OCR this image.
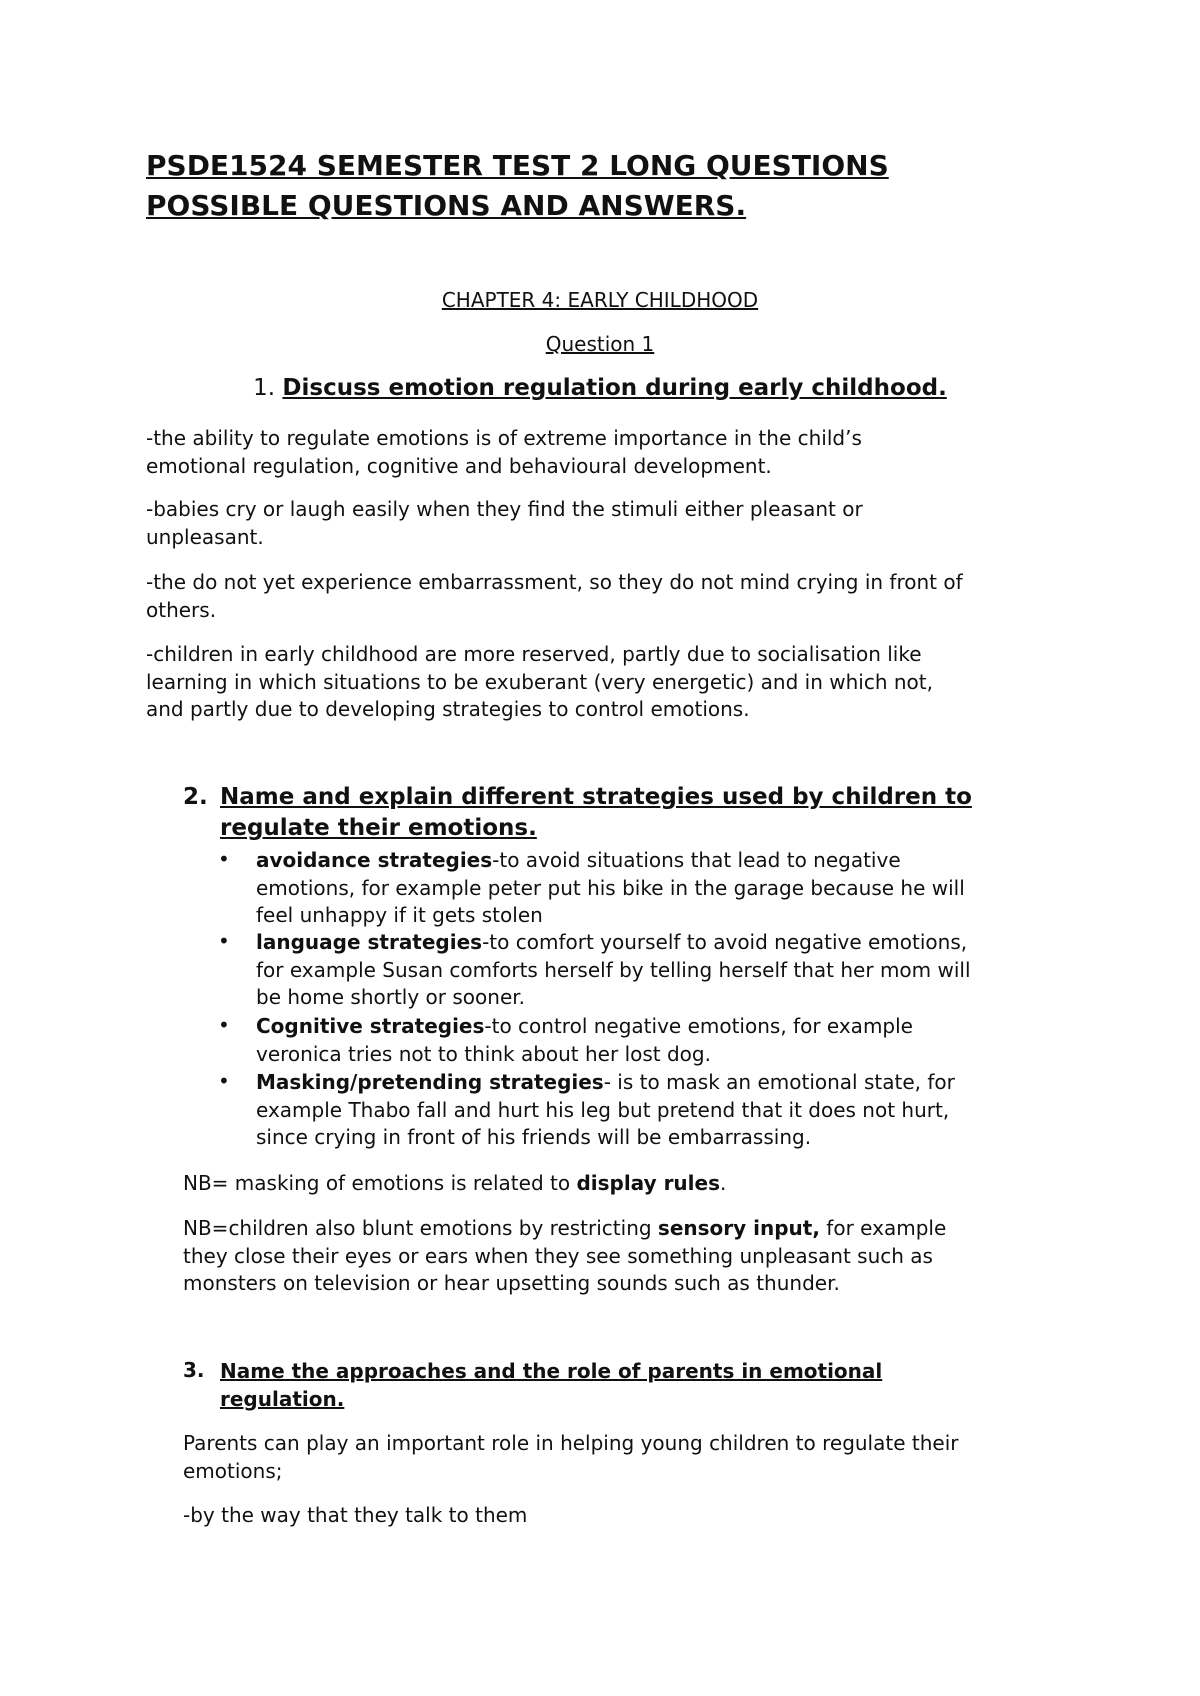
PSDE1524 SEMESTER TEST 2 LONG QUESTIONS
POSSIBLE QUESTIONS AND ANSWERS.
CHAPTER 4: EARLY CHILDHOOD
Question 1
1. Discuss emotion regulation during early childhood.
-the ability to regulate emotions is of extreme importance in the child’s
emotional regulation, cognitive and behavioural development.
-babies cry or laugh easily when they find the stimuli either pleasant or
unpleasant.
-the do not yet experience embarrassment, so they do not mind crying in front of
others.
-children in early childhood are more reserved, partly due to socialisation like
learning in which situations to be exuberant (very energetic) and in which not,
and partly due to developing strategies to control emotions.
2. Name and explain different strategies used by children to
regulate their emotions.
• avoidance strategies-to avoid situations that lead to negative
emotions, for example peter put his bike in the garage because he will
feel unhappy if it gets stolen
• language strategies-to comfort yourself to avoid negative emotions,
for example Susan comforts herself by telling herself that her mom will
be home shortly or sooner.
• Cognitive strategies-to control negative emotions, for example
veronica tries not to think about her lost dog.
• Masking/pretending strategies- is to mask an emotional state, for
example Thabo fall and hurt his leg but pretend that it does not hurt,
since crying in front of his friends will be embarrassing.
NB= masking of emotions is related to display rules.
NB=children also blunt emotions by restricting sensory input, for example
they close their eyes or ears when they see something unpleasant such as
monsters on television or hear upsetting sounds such as thunder.
3. Name the approaches and the role of parents in emotional
regulation.
Parents can play an important role in helping young children to regulate their
emotions;
-by the way that they talk to them
